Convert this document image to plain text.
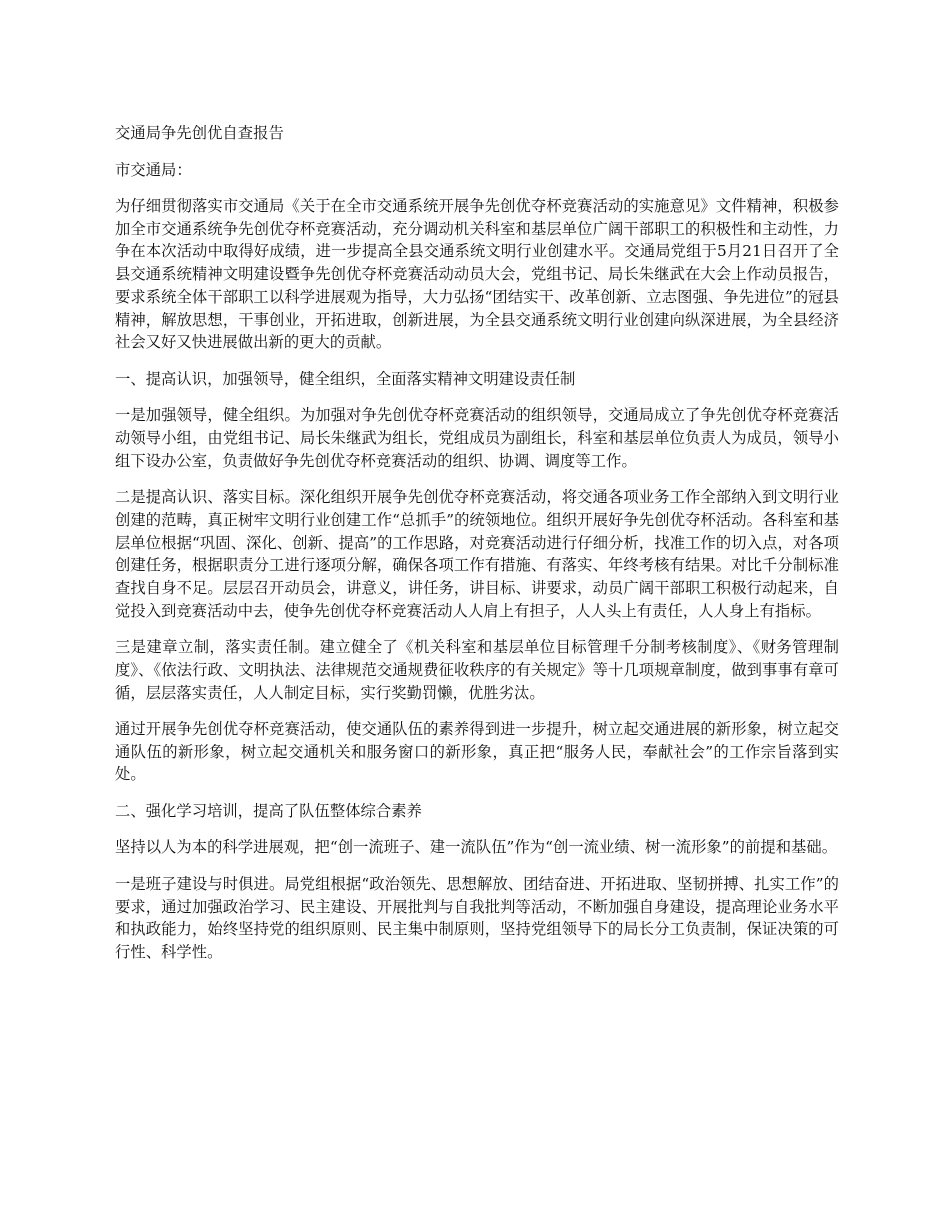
交通局争先创优自查报告

市交通局：

为仔细贯彻落实市交通局《关于在全市交通系统开展争先创优夺杯竞赛活动的实施意见》文件精神，积极参加全市交通系统争先创优夺杯竞赛活动，充分调动机关科室和基层单位广阔干部职工的积极性和主动性，力争在本次活动中取得好成绩，进一步提高全县交通系统文明行业创建水平。交通局党组于5月21日召开了全县交通系统精神文明建设暨争先创优夺杯竞赛活动动员大会，党组书记、局长朱继武在大会上作动员报告，要求系统全体干部职工以科学进展观为指导，大力弘扬“团结实干、改革创新、立志图强、争先进位”的冠县精神，解放思想，干事创业，开拓进取，创新进展，为全县交通系统文明行业创建向纵深进展，为全县经济社会又好又快进展做出新的更大的贡献。

一、提高认识，加强领导，健全组织，全面落实精神文明建设责任制

一是加强领导，健全组织。为加强对争先创优夺杯竞赛活动的组织领导，交通局成立了争先创优夺杯竞赛活动领导小组，由党组书记、局长朱继武为组长，党组成员为副组长，科室和基层单位负责人为成员，领导小组下设办公室，负责做好争先创优夺杯竞赛活动的组织、协调、调度等工作。

二是提高认识、落实目标。深化组织开展争先创优夺杯竞赛活动，将交通各项业务工作全部纳入到文明行业创建的范畴，真正树牢文明行业创建工作“总抓手”的统领地位。组织开展好争先创优夺杯活动。各科室和基层单位根据“巩固、深化、创新、提高”的工作思路，对竞赛活动进行仔细分析，找准工作的切入点，对各项创建任务，根据职责分工进行逐项分解，确保各项工作有措施、有落实、年终考核有结果。对比千分制标准查找自身不足。层层召开动员会，讲意义，讲任务，讲目标、讲要求，动员广阔干部职工积极行动起来，自觉投入到竞赛活动中去，使争先创优夺杯竞赛活动人人肩上有担子，人人头上有责任，人人身上有指标。

三是建章立制，落实责任制。建立健全了《机关科室和基层单位目标管理千分制考核制度》、《财务管理制度》、《依法行政、文明执法、法律规范交通规费征收秩序的有关规定》等十几项规章制度，做到事事有章可循，层层落实责任，人人制定目标，实行奖勤罚懒，优胜劣汰。

通过开展争先创优夺杯竞赛活动，使交通队伍的素养得到进一步提升，树立起交通进展的新形象，树立起交通队伍的新形象，树立起交通机关和服务窗口的新形象，真正把“服务人民，奉献社会”的工作宗旨落到实处。

二、强化学习培训，提高了队伍整体综合素养

坚持以人为本的科学进展观，把“创一流班子、建一流队伍”作为“创一流业绩、树一流形象”的前提和基础。

一是班子建设与时俱进。局党组根据“政治领先、思想解放、团结奋进、开拓进取、坚韧拼搏、扎实工作”的要求，通过加强政治学习、民主建设、开展批判与自我批判等活动，不断加强自身建设，提高理论业务水平和执政能力，始终坚持党的组织原则、民主集中制原则，坚持党组领导下的局长分工负责制，保证决策的可行性、科学性。
